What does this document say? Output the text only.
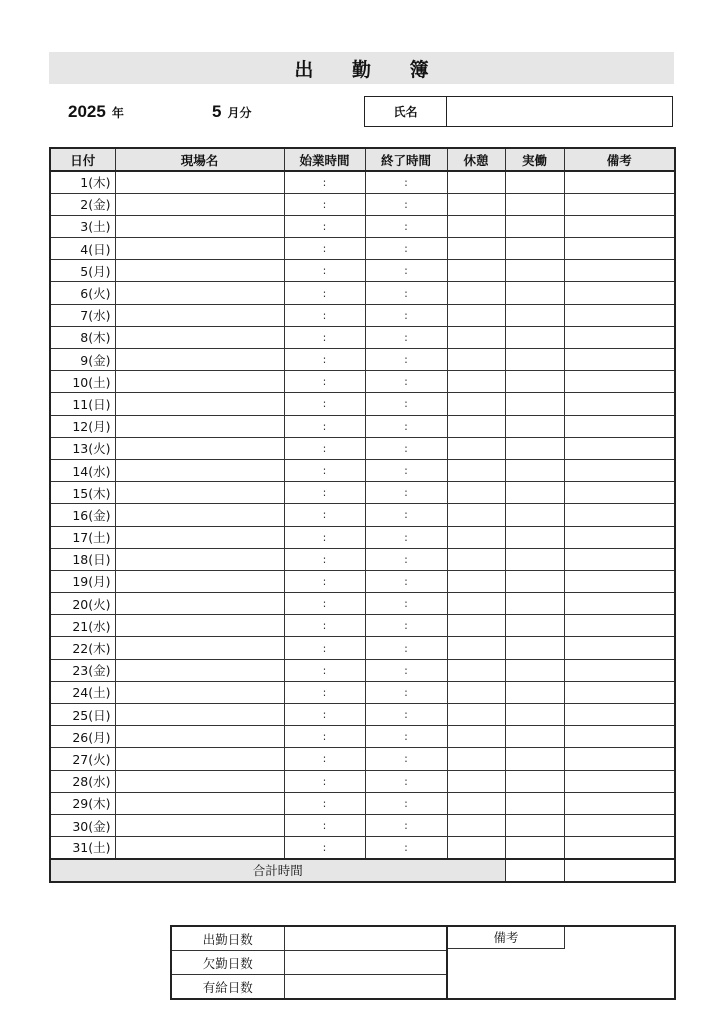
出 勤 簿
2025 年	5 月分	氏名
日付	現場名	始業時間	終了時間	休憩	実働	備考
1(木)		:	:			
2(金)		:	:			
3(土)		:	:			
4(日)		:	:			
5(月)		:	:			
6(火)		:	:			
7(水)		:	:			
8(木)		:	:			
9(金)		:	:			
10(土)		:	:			
11(日)		:	:			
12(月)		:	:			
13(火)		:	:			
14(水)		:	:			
15(木)		:	:			
16(金)		:	:			
17(土)		:	:			
18(日)		:	:			
19(月)		:	:			
20(火)		:	:			
21(水)		:	:			
22(木)		:	:			
23(金)		:	:			
24(土)		:	:			
25(日)		:	:			
26(月)		:	:			
27(火)		:	:			
28(水)		:	:			
29(木)		:	:			
30(金)		:	:			
31(土)		:	:			
合計時間						
出勤日数		備考

欠勤日数		
有給日数		
